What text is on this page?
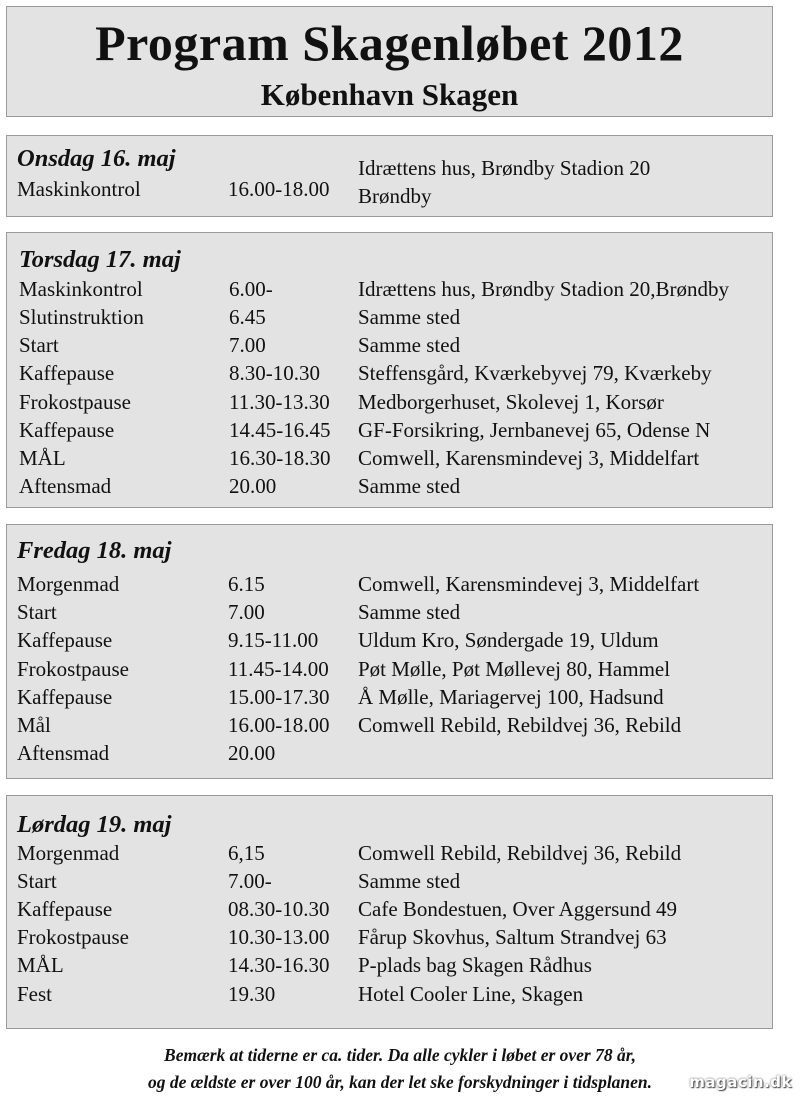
Program Skagenløbet 2012
København Skagen
Onsdag 16. maj
Maskinkontrol	16.00-18.00
Idrættens hus, Brøndby Stadion 20
Brøndby
Torsdag 17. maj
Maskinkontrol	6.00-	Idrættens hus, Brøndby Stadion 20,Brøndby
Slutinstruktion	6.45	Samme sted
Start	7.00	Samme sted
Kaffepause	8.30-10.30 Steffensgård, Kværkebyvej 79, Kværkeby
Frokostpause	11.30-13.30 Medborgerhuset, Skolevej 1, Korsør
Kaffepause	14.45-16.45 GF-Forsikring, Jernbanevej 65, Odense N
MÅL	16.30-18.30 Comwell, Karensmindevej 3, Middelfart
Aftensmad	20.00	Samme sted
Fredag 18. maj
Morgenmad	6.15	Comwell, Karensmindevej 3, Middelfart
Start	7.00	Samme sted
Kaffepause	9.15-11.00 Uldum Kro, Søndergade 19, Uldum
Frokostpause	11.45-14.00 Pøt Mølle, Pøt Møllevej 80, Hammel
Kaffepause	15.00-17.30 Å Mølle, Mariagervej 100, Hadsund
Mål	16.00-18.00 Comwell Rebild, Rebildvej 36, Rebild
Aftensmad	20.00
Lørdag 19. maj
Morgenmad	6,15	Comwell Rebild, Rebildvej 36, Rebild
Start	7.00-	Samme sted
Kaffepause	08.30-10.30 Cafe Bondestuen, Over Aggersund 49
Frokostpause	10.30-13.00 Fårup Skovhus, Saltum Strandvej 63
MÅL	14.30-16.30 P-plads bag Skagen Rådhus
Fest	19.30	Hotel Cooler Line, Skagen
Bemærk at tiderne er ca. tider. Da alle cykler i løbet er over 78 år,
og de ældste er over 100 år, kan der let ske forskydninger i tidsplanen.	magacin.dk
